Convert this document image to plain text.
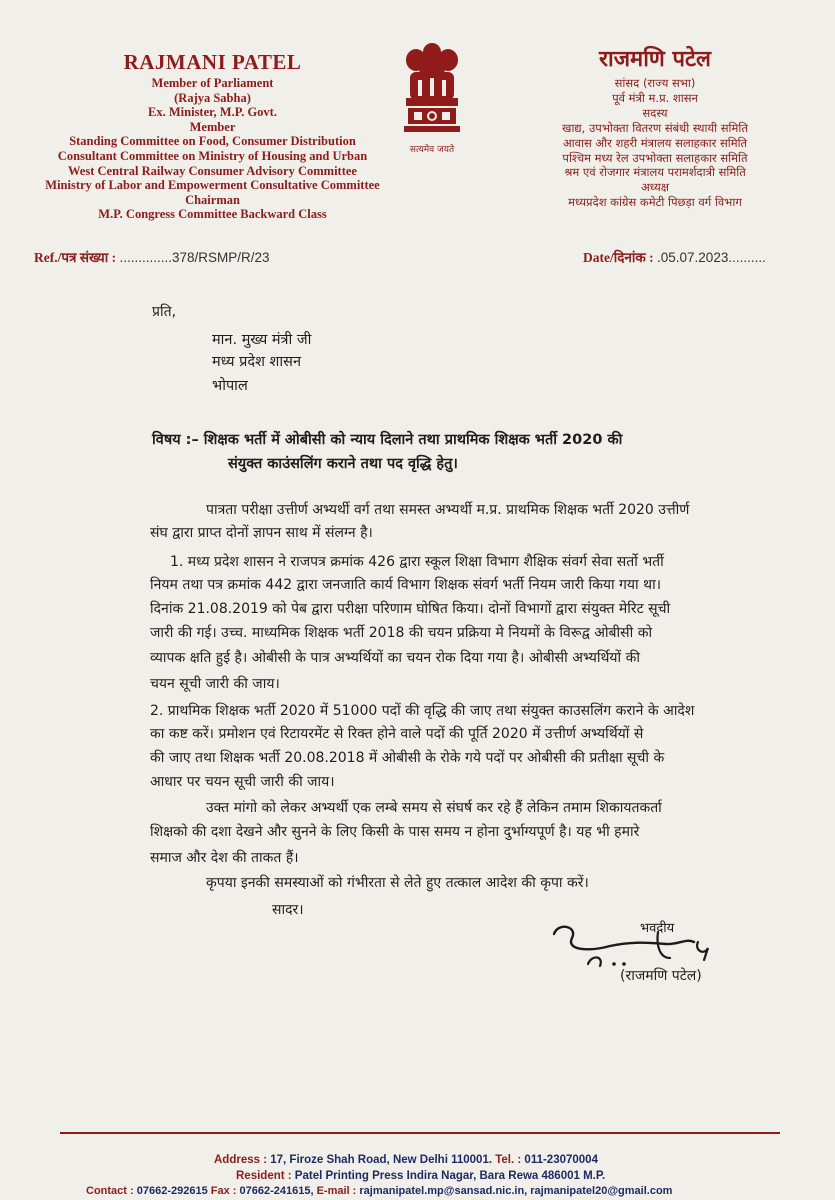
RAJMANI PATEL
Member of Parliament
(Rajya Sabha)
Ex. Minister, M.P. Govt.
Member
Standing Committee on Food, Consumer Distribution
Consultant Committee on Ministry of Housing and Urban
West Central Railway Consumer Advisory Committee
Ministry of Labor and Empowerment Consultative Committee
Chairman
M.P. Congress Committee Backward Class
सत्यमेव जयते
राजमणि पटेल
सांसद (राज्य सभा)
पूर्व मंत्री म.प्र. शासन
सदस्य
खाद्य, उपभोक्ता वितरण संबंधी स्थायी समिति
आवास और शहरी मंत्रालय सलाहकार समिति
पश्चिम मध्य रेल उपभोक्ता सलाहकार समिति
श्रम एवं रोजगार मंत्रालय परामर्शदात्री समिति
अध्यक्ष
मध्यप्रदेश कांग्रेस कमेटी पिछड़ा वर्ग विभाग
Ref./पत्र संख्या : ..............378/RSMP/R/23	Date/दिनांक : .05.07.2023..........
प्रति,
मान. मुख्य मंत्री जी
मध्य प्रदेश शासन
भोपाल
विषय :– शिक्षक भर्ती में ओबीसी को न्याय दिलाने तथा प्राथमिक शिक्षक भर्ती 2020 की
संयुक्त काउंसलिंग कराने तथा पद वृद्धि हेतु।
पात्रता परीक्षा उत्तीर्ण अभ्यर्थी वर्ग तथा समस्त अभ्यर्थी म.प्र. प्राथमिक शिक्षक भर्ती 2020 उत्तीर्ण
संघ द्वारा प्राप्त दोनों ज्ञापन साथ में संलग्न है।
1. मध्य प्रदेश शासन ने राजपत्र क्रमांक 426 द्वारा स्कूल शिक्षा विभाग शैक्षिक संवर्ग सेवा सर्तो भर्ती
नियम तथा पत्र क्रमांक 442 द्वारा जनजाति कार्य विभाग शिक्षक संवर्ग भर्ती नियम जारी किया गया था।
दिनांक 21.08.2019 को पेब द्वारा परीक्षा परिणाम घोषित किया। दोनों विभागों द्वारा संयुक्त मेरिट सूची
जारी की गई। उच्च. माध्यमिक शिक्षक भर्ती 2018 की चयन प्रक्रिया मे नियमों के विरूद्व ओबीसी को
व्यापक क्षति हुई है। ओबीसी के पात्र अभ्यर्थियों का चयन रोक दिया गया है। ओबीसी अभ्यर्थियों की
चयन सूची जारी की जाय।
2. प्राथमिक शिक्षक भर्ती 2020 में 51000 पदों की वृद्धि की जाए तथा संयुक्त काउसलिंग कराने के आदेश
का कष्ट करें। प्रमोशन एवं रिटायरमेंट से रिक्त होने वाले पदों की पूर्ति 2020 में उत्तीर्ण अभ्यर्थियों से
की जाए तथा शिक्षक भर्ती 20.08.2018 में ओबीसी के रोके गये पदों पर ओबीसी की प्रतीक्षा सूची के
आधार पर चयन सूची जारी की जाय।
उक्त मांगो को लेकर अभ्यर्थी एक लम्बे समय से संघर्ष कर रहे हैं लेकिन तमाम शिकायतकर्ता
शिक्षको की दशा देखने और सुनने के लिए किसी के पास समय न होना दुर्भाग्यपूर्ण है। यह भी हमारे
समाज और देश की ताकत हैं।
कृपया इनकी समस्याओं को गंभीरता से लेते हुए तत्काल आदेश की कृपा करें।
सादर।
भवदीय
(राजमणि पटेल)
Address : 17, Firoze Shah Road, New Delhi 110001. Tel. : 011-23070004
Resident : Patel Printing Press Indira Nagar, Bara Rewa 486001 M.P.
Contact : 07662-292615 Fax : 07662-241615, E-mail : rajmanipatel.mp@sansad.nic.in, rajmanipatel20@gmail.com
